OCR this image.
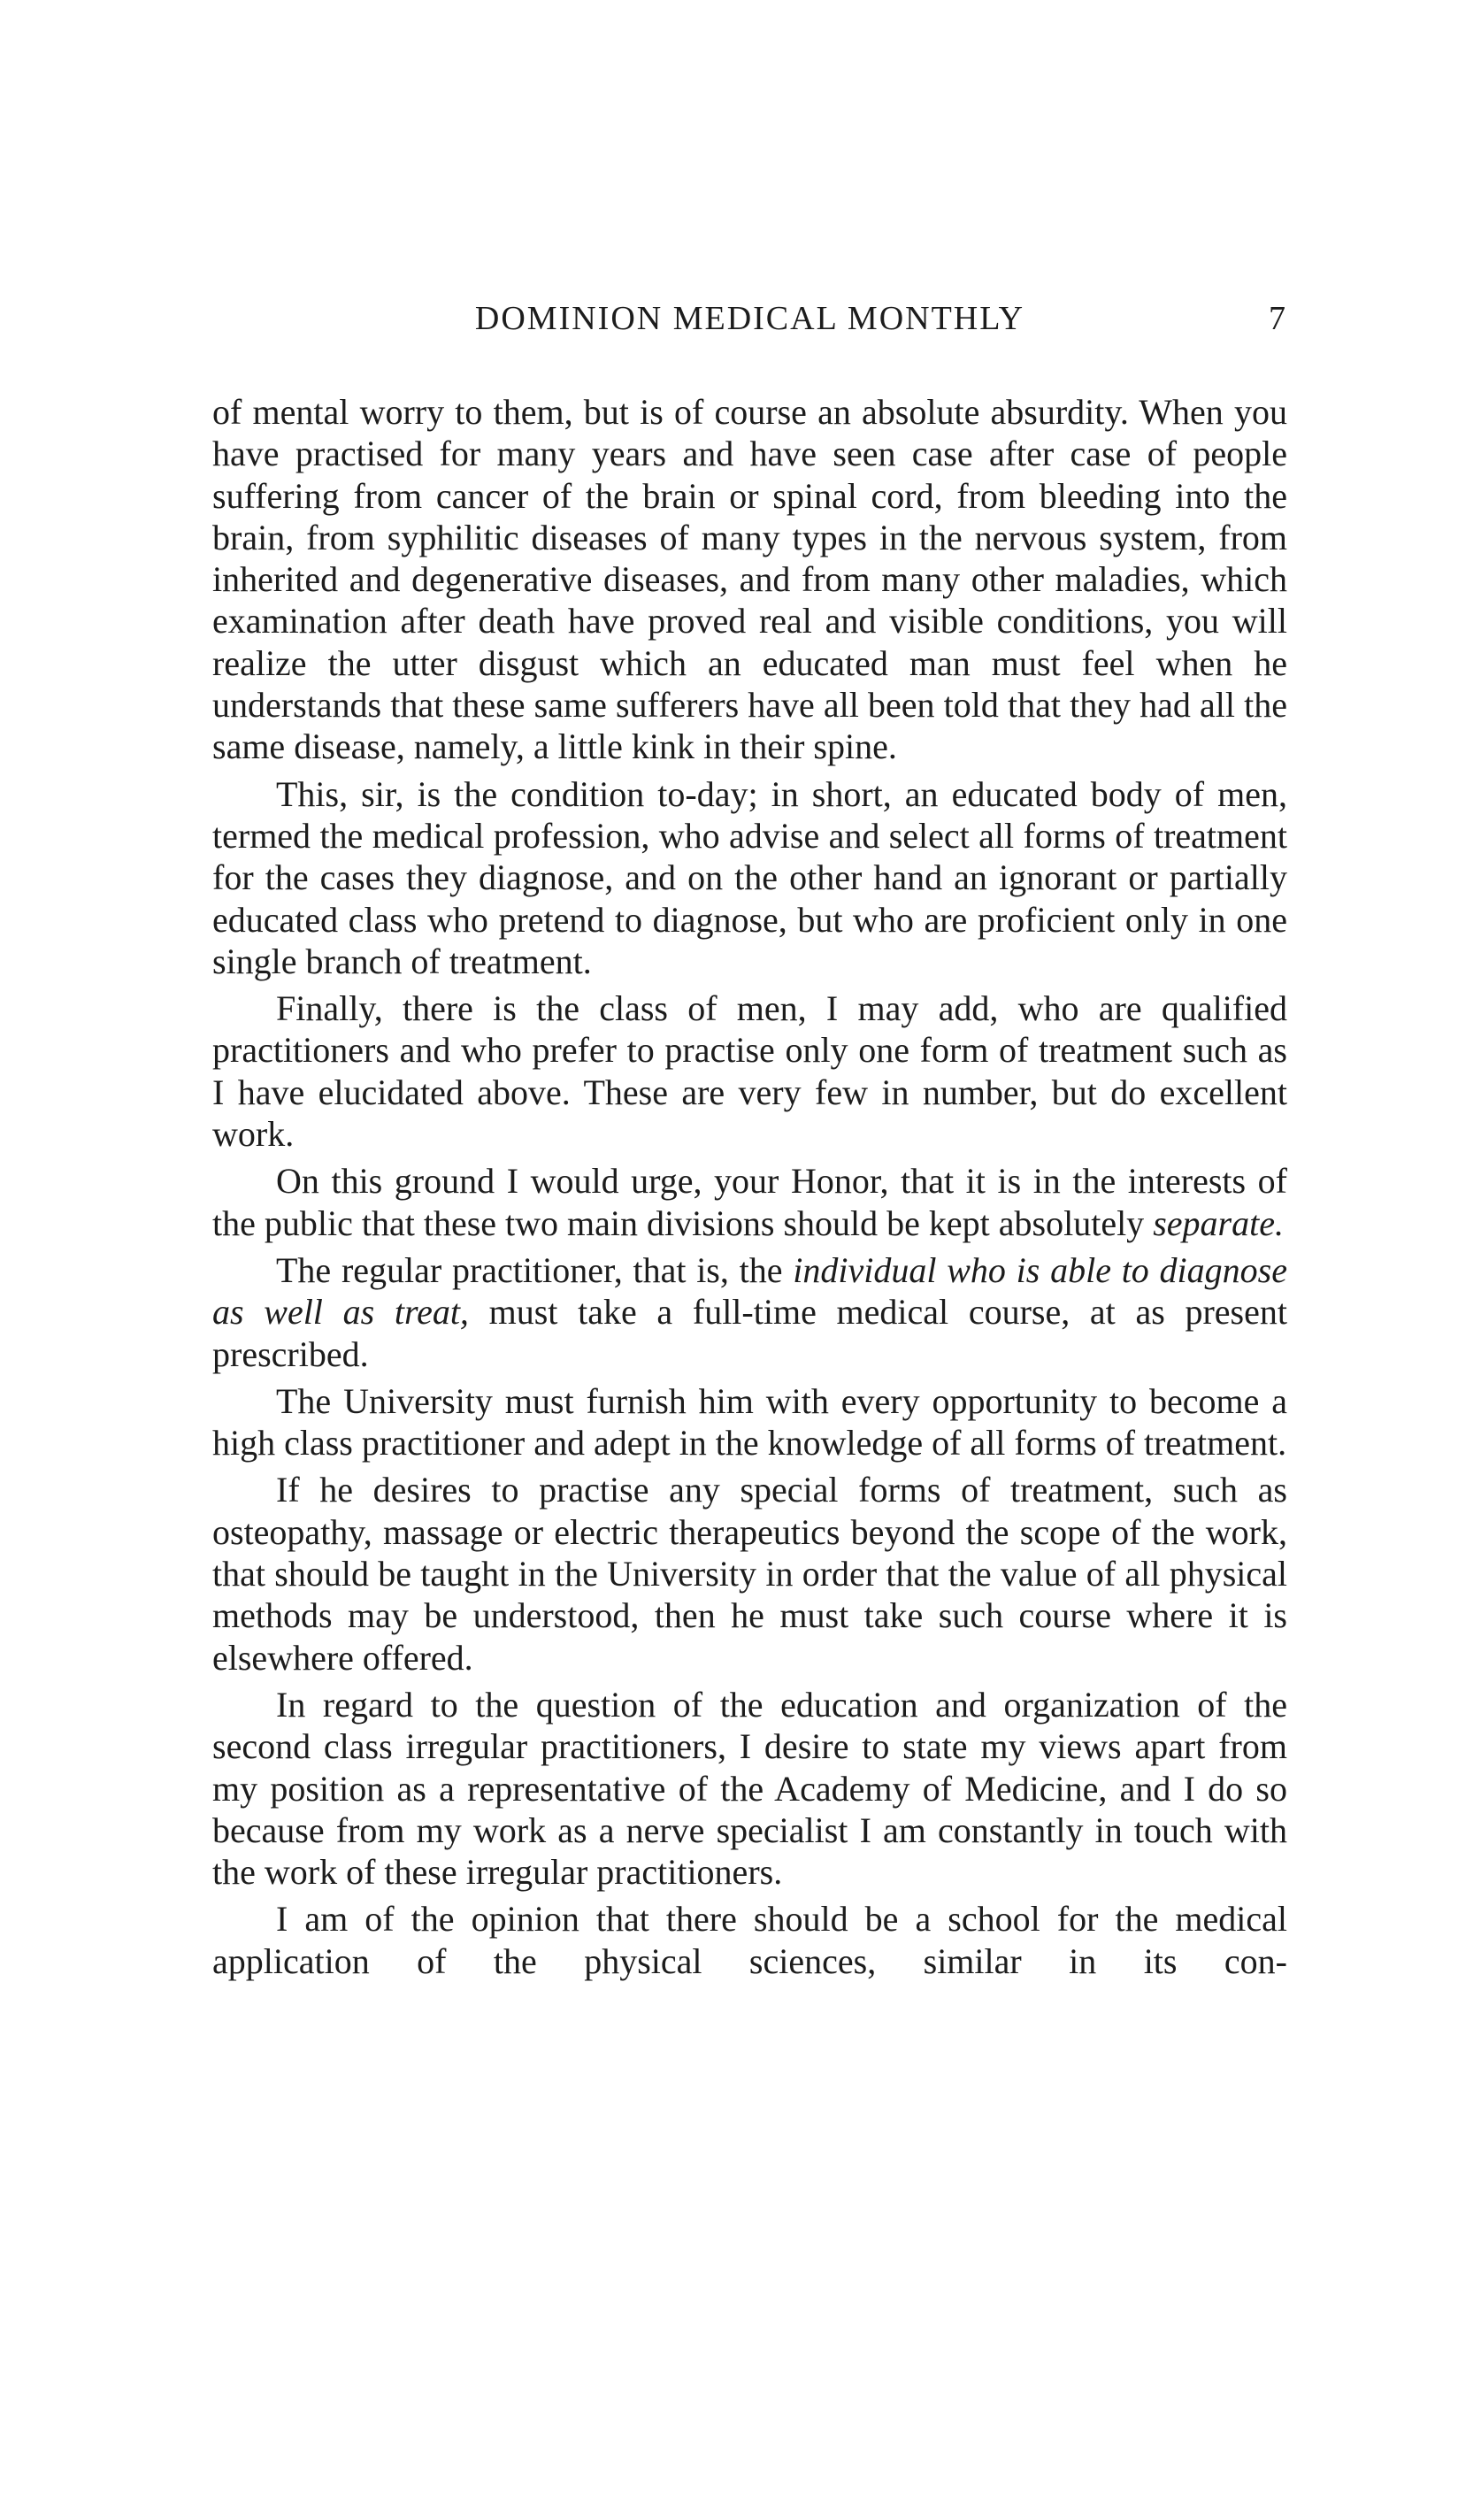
DOMINION MEDICAL MONTHLY	7

of mental worry to them, but is of course an absolute absurdity. When you have practised for many years and have seen case after case of people suffering from cancer of the brain or spinal cord, from bleeding into the brain, from syphilitic diseases of many types in the nervous system, from inherited and degenerative diseases, and from many other maladies, which examination after death have proved real and visible conditions, you will realize the utter disgust which an educated man must feel when he understands that these same sufferers have all been told that they had all the same disease, namely, a little kink in their spine.

This, sir, is the condition to-day; in short, an educated body of men, termed the medical profession, who advise and select all forms of treatment for the cases they diagnose, and on the other hand an ignorant or partially educated class who pretend to diagnose, but who are proficient only in one single branch of treatment.

Finally, there is the class of men, I may add, who are qualified practitioners and who prefer to practise only one form of treatment such as I have elucidated above. These are very few in number, but do excellent work.

On this ground I would urge, your Honor, that it is in the interests of the public that these two main divisions should be kept absolutely separate.

The regular practitioner, that is, the individual who is able to diagnose as well as treat, must take a full-time medical course, at as present prescribed.

The University must furnish him with every opportunity to become a high class practitioner and adept in the knowledge of all forms of treatment.

If he desires to practise any special forms of treatment, such as osteopathy, massage or electric therapeutics beyond the scope of the work, that should be taught in the University in order that the value of all physical methods may be understood, then he must take such course where it is elsewhere offered.

In regard to the question of the education and organization of the second class irregular practitioners, I desire to state my views apart from my position as a representative of the Academy of Medicine, and I do so because from my work as a nerve specialist I am constantly in touch with the work of these irregular practitioners.

I am of the opinion that there should be a school for the medical application of the physical sciences, similar in its con-
